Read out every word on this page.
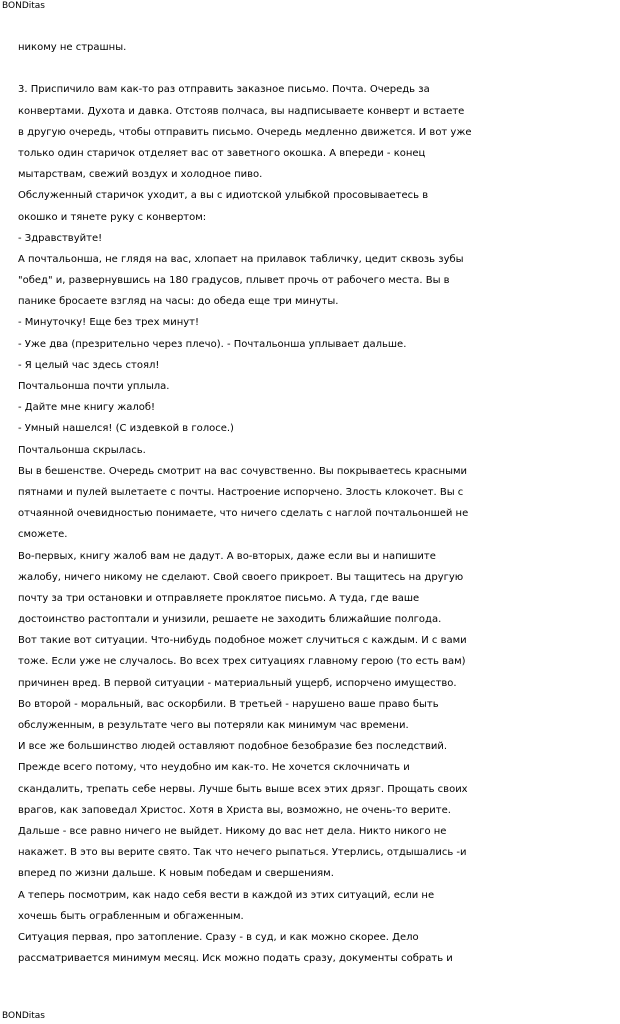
BONDitas
никому не страшны.
3. Приспичило вам как-то раз отправить заказное письмо. Почта. Очередь за
конвертами. Духота и давка. Отстояв полчаса, вы надписываете конверт и встаете
в другую очередь, чтобы отправить письмо. Очередь медленно движется. И вот уже
только один старичок отделяет вас от заветного окошка. А впереди - конец
мытарствам, свежий воздух и холодное пиво.
Обслуженный старичок уходит, а вы с идиотской улыбкой просовываетесь в
окошко и тянете руку с конвертом:
- Здравствуйте!
А почтальонша, не глядя на вас, хлопает на прилавок табличку, цедит сквозь зубы
"обед" и, развернувшись на 180 градусов, плывет прочь от рабочего места. Вы в
панике бросаете взгляд на часы: до обеда еще три минуты.
- Минуточку! Еще без трех минут!
- Уже два (презрительно через плечо). - Почтальонша уплывает дальше.
- Я целый час здесь стоял!
Почтальонша почти уплыла.
- Дайте мне книгу жалоб!
- Умный нашелся! (С издевкой в голосе.)
Почтальонша скрылась.
Вы в бешенстве. Очередь смотрит на вас сочувственно. Вы покрываетесь красными
пятнами и пулей вылетаете с почты. Настроение испорчено. Злость клокочет. Вы с
отчаянной очевидностью понимаете, что ничего сделать с наглой почтальоншей не
сможете.
Во-первых, книгу жалоб вам не дадут. А во-вторых, даже если вы и напишите
жалобу, ничего никому не сделают. Свой своего прикроет. Вы тащитесь на другую
почту за три остановки и отправляете проклятое письмо. А туда, где ваше
достоинство растоптали и унизили, решаете не заходить ближайшие полгода.
Вот такие вот ситуации. Что-нибудь подобное может случиться с каждым. И с вами
тоже. Если уже не случалось. Во всех трех ситуациях главному герою (то есть вам)
причинен вред. В первой ситуации - материальный ущерб, испорчено имущество.
Во второй - моральный, вас оскорбили. В третьей - нарушено ваше право быть
обслуженным, в результате чего вы потеряли как минимум час времени.
И все же большинство людей оставляют подобное безобразие без последствий.
Прежде всего потому, что неудобно им как-то. Не хочется склочничать и
скандалить, трепать себе нервы. Лучше быть выше всех этих дрязг. Прощать своих
врагов, как заповедал Христос. Хотя в Христа вы, возможно, не очень-то верите.
Дальше - все равно ничего не выйдет. Никому до вас нет дела. Никто никого не
накажет. В это вы верите свято. Так что нечего рыпаться. Утерлись, отдышались -и
вперед по жизни дальше. К новым победам и свершениям.
А теперь посмотрим, как надо себя вести в каждой из этих ситуаций, если не
хочешь быть ограбленным и обгаженным.
Ситуация первая, про затопление. Сразу - в суд, и как можно скорее. Дело
рассматривается минимум месяц. Иск можно подать сразу, документы собрать и
BONDitas
